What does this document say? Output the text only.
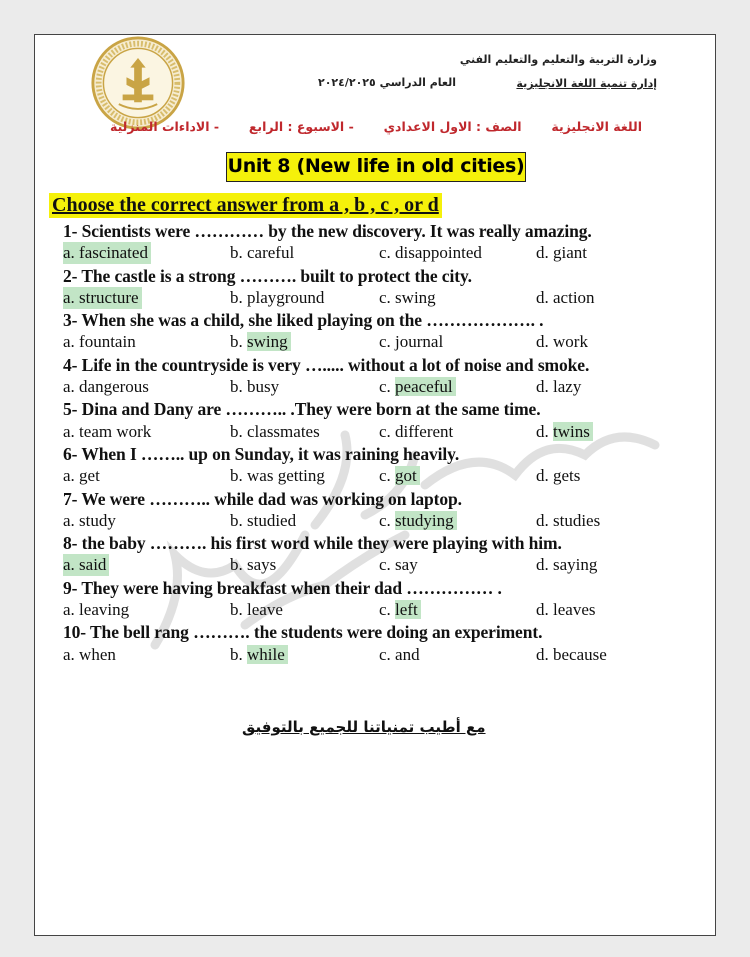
وزارة التربية والتعليم والتعليم الفني
إدارة تنمية اللغة الانجليزية
العام الدراسي ٢٠٢٤/٢٠٢٥
اللغة الانجليزية
الصف : الاول الاعدادي
- الاسبوع : الرابع
- الاداءات المنزلية
Unit 8 (New life in old cities)
Choose the correct answer from a , b , c , or d
1- Scientists were ………… by the new discovery. It was really amazing.
a. fascinated	b. careful	c. disappointed	d. giant
2- The castle is a strong ………. built to protect the city.
a. structure	b. playground	c. swing	d. action
3- When she was a child, she liked playing on the ………………. .
a. fountain	b. swing	c. journal	d. work
4- Life in the countryside is very …..... without a lot of noise and smoke.
a. dangerous	b. busy	c. peaceful	d. lazy
5- Dina and Dany are ……….. .They were born at the same time.
a. team work	b. classmates	c. different	d. twins
6- When I …….. up on Sunday, it was raining heavily.
a. get	b. was getting	c. got	d. gets
7- We were ……….. while dad was working on laptop.
a. study	b. studied	c. studying	d. studies
8- the baby ………. his first word while they were playing with him.
a. said	b. says	c. say	d. saying
9- They were having breakfast when their dad …………… .
a. leaving	b. leave	c. left	d. leaves
10- The bell rang ………. the students were doing an experiment.
a. when	b. while	c. and	d. because
مع أطيب تمنياتنا للجميع بالتوفيق
